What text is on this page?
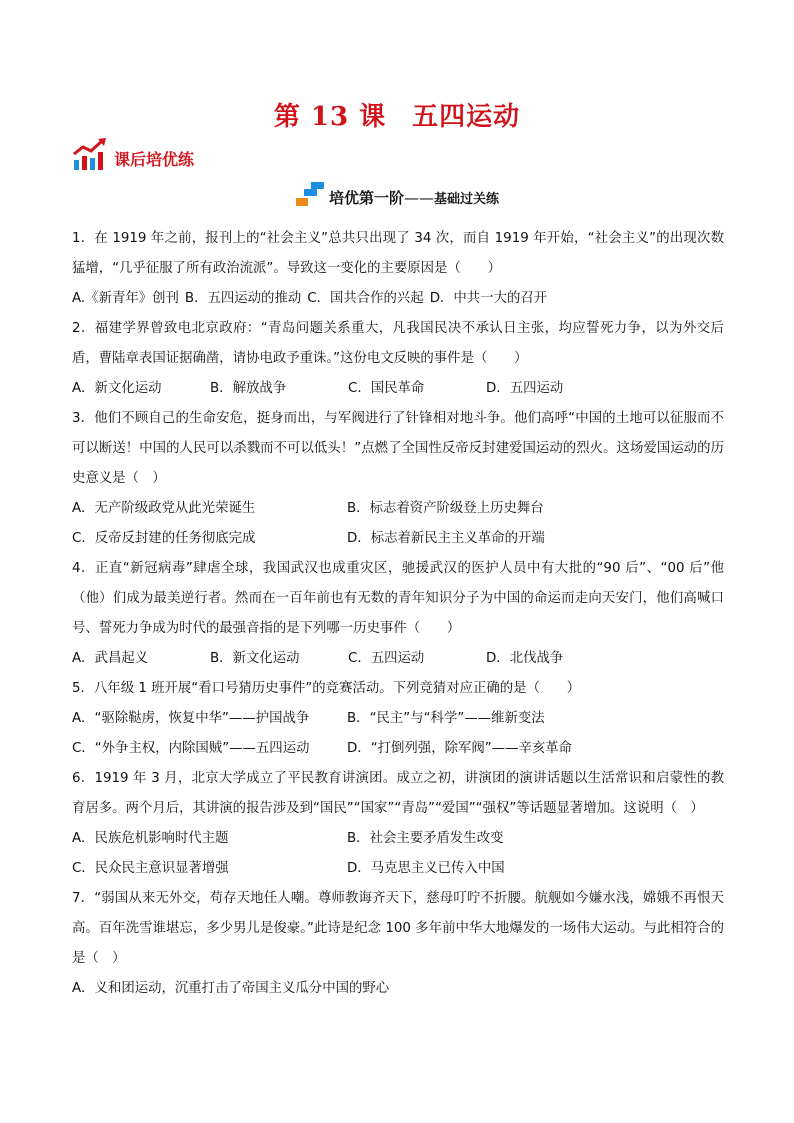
第 13 课 五四运动
课后培优练
培优第一阶——基础过关练
1．在 1919 年之前，报刊上的“社会主义”总共只出现了 34 次，而自 1919 年开始，“社会主义”的出现次数猛增，“几乎征服了所有政治流派”。导致这一变化的主要原因是（　　）
A.《新青年》创刊 B．五四运动的推动 C．国共合作的兴起 D．中共一大的召开
2．福建学界曾致电北京政府：“青岛问题关系重大，凡我国民决不承认日主张，均应誓死力争，以为外交后盾，曹陆章表国证据确凿，请协电政予重诛。”这份电文反映的事件是（　　）
A．新文化运动	B．解放战争	C．国民革命	D．五四运动
3．他们不顾自己的生命安危，挺身而出，与军阀进行了针锋相对地斗争。他们高呼“中国的土地可以征服而不可以断送！中国的人民可以杀戮而不可以低头！”点燃了全国性反帝反封建爱国运动的烈火。这场爱国运动的历史意义是（　）
A．无产阶级政党从此光荣诞生	B．标志着资产阶级登上历史舞台
C．反帝反封建的任务彻底完成	D．标志着新民主主义革命的开端
4．正直“新冠病毒”肆虐全球，我国武汉也成重灾区，驰援武汉的医护人员中有大批的“90 后”、“00 后”他（他）们成为最美逆行者。然而在一百年前也有无数的青年知识分子为中国的命运而走向天安门，他们高喊口号、誓死力争成为时代的最强音指的是下列哪一历史事件（　　）
A．武昌起义	B．新文化运动	C．五四运动	D．北伐战争
5．八年级 1 班开展“看口号猜历史事件”的竞赛活动。下列竞猜对应正确的是（　　）
A．“驱除鞑虏，恢复中华”——护国战争	B．“民主”与“科学”——维新变法
C．“外争主权，内除国贼”——五四运动	D．“打倒列强，除军阀”——辛亥革命
6．1919 年 3 月，北京大学成立了平民教育讲演团。成立之初，讲演团的演讲话题以生活常识和启蒙性的教育居多。两个月后，其讲演的报告涉及到“国民”“国家”“青岛”“爱国”“强权”等话题显著增加。这说明（　）
A．民族危机影响时代主题	B．社会主要矛盾发生改变
C．民众民主意识显著增强	D．马克思主义已传入中国
7．“弱国从来无外交，苟存天地任人嘲。尊师教诲齐天下，慈母叮咛不折腰。航舰如今嫌水浅，嫦娥不再恨天高。百年洗雪谁堪忘，多少男儿是俊豪。”此诗是纪念 100 多年前中华大地爆发的一场伟大运动。与此相符合的是（　）
A．义和团运动，沉重打击了帝国主义瓜分中国的野心
